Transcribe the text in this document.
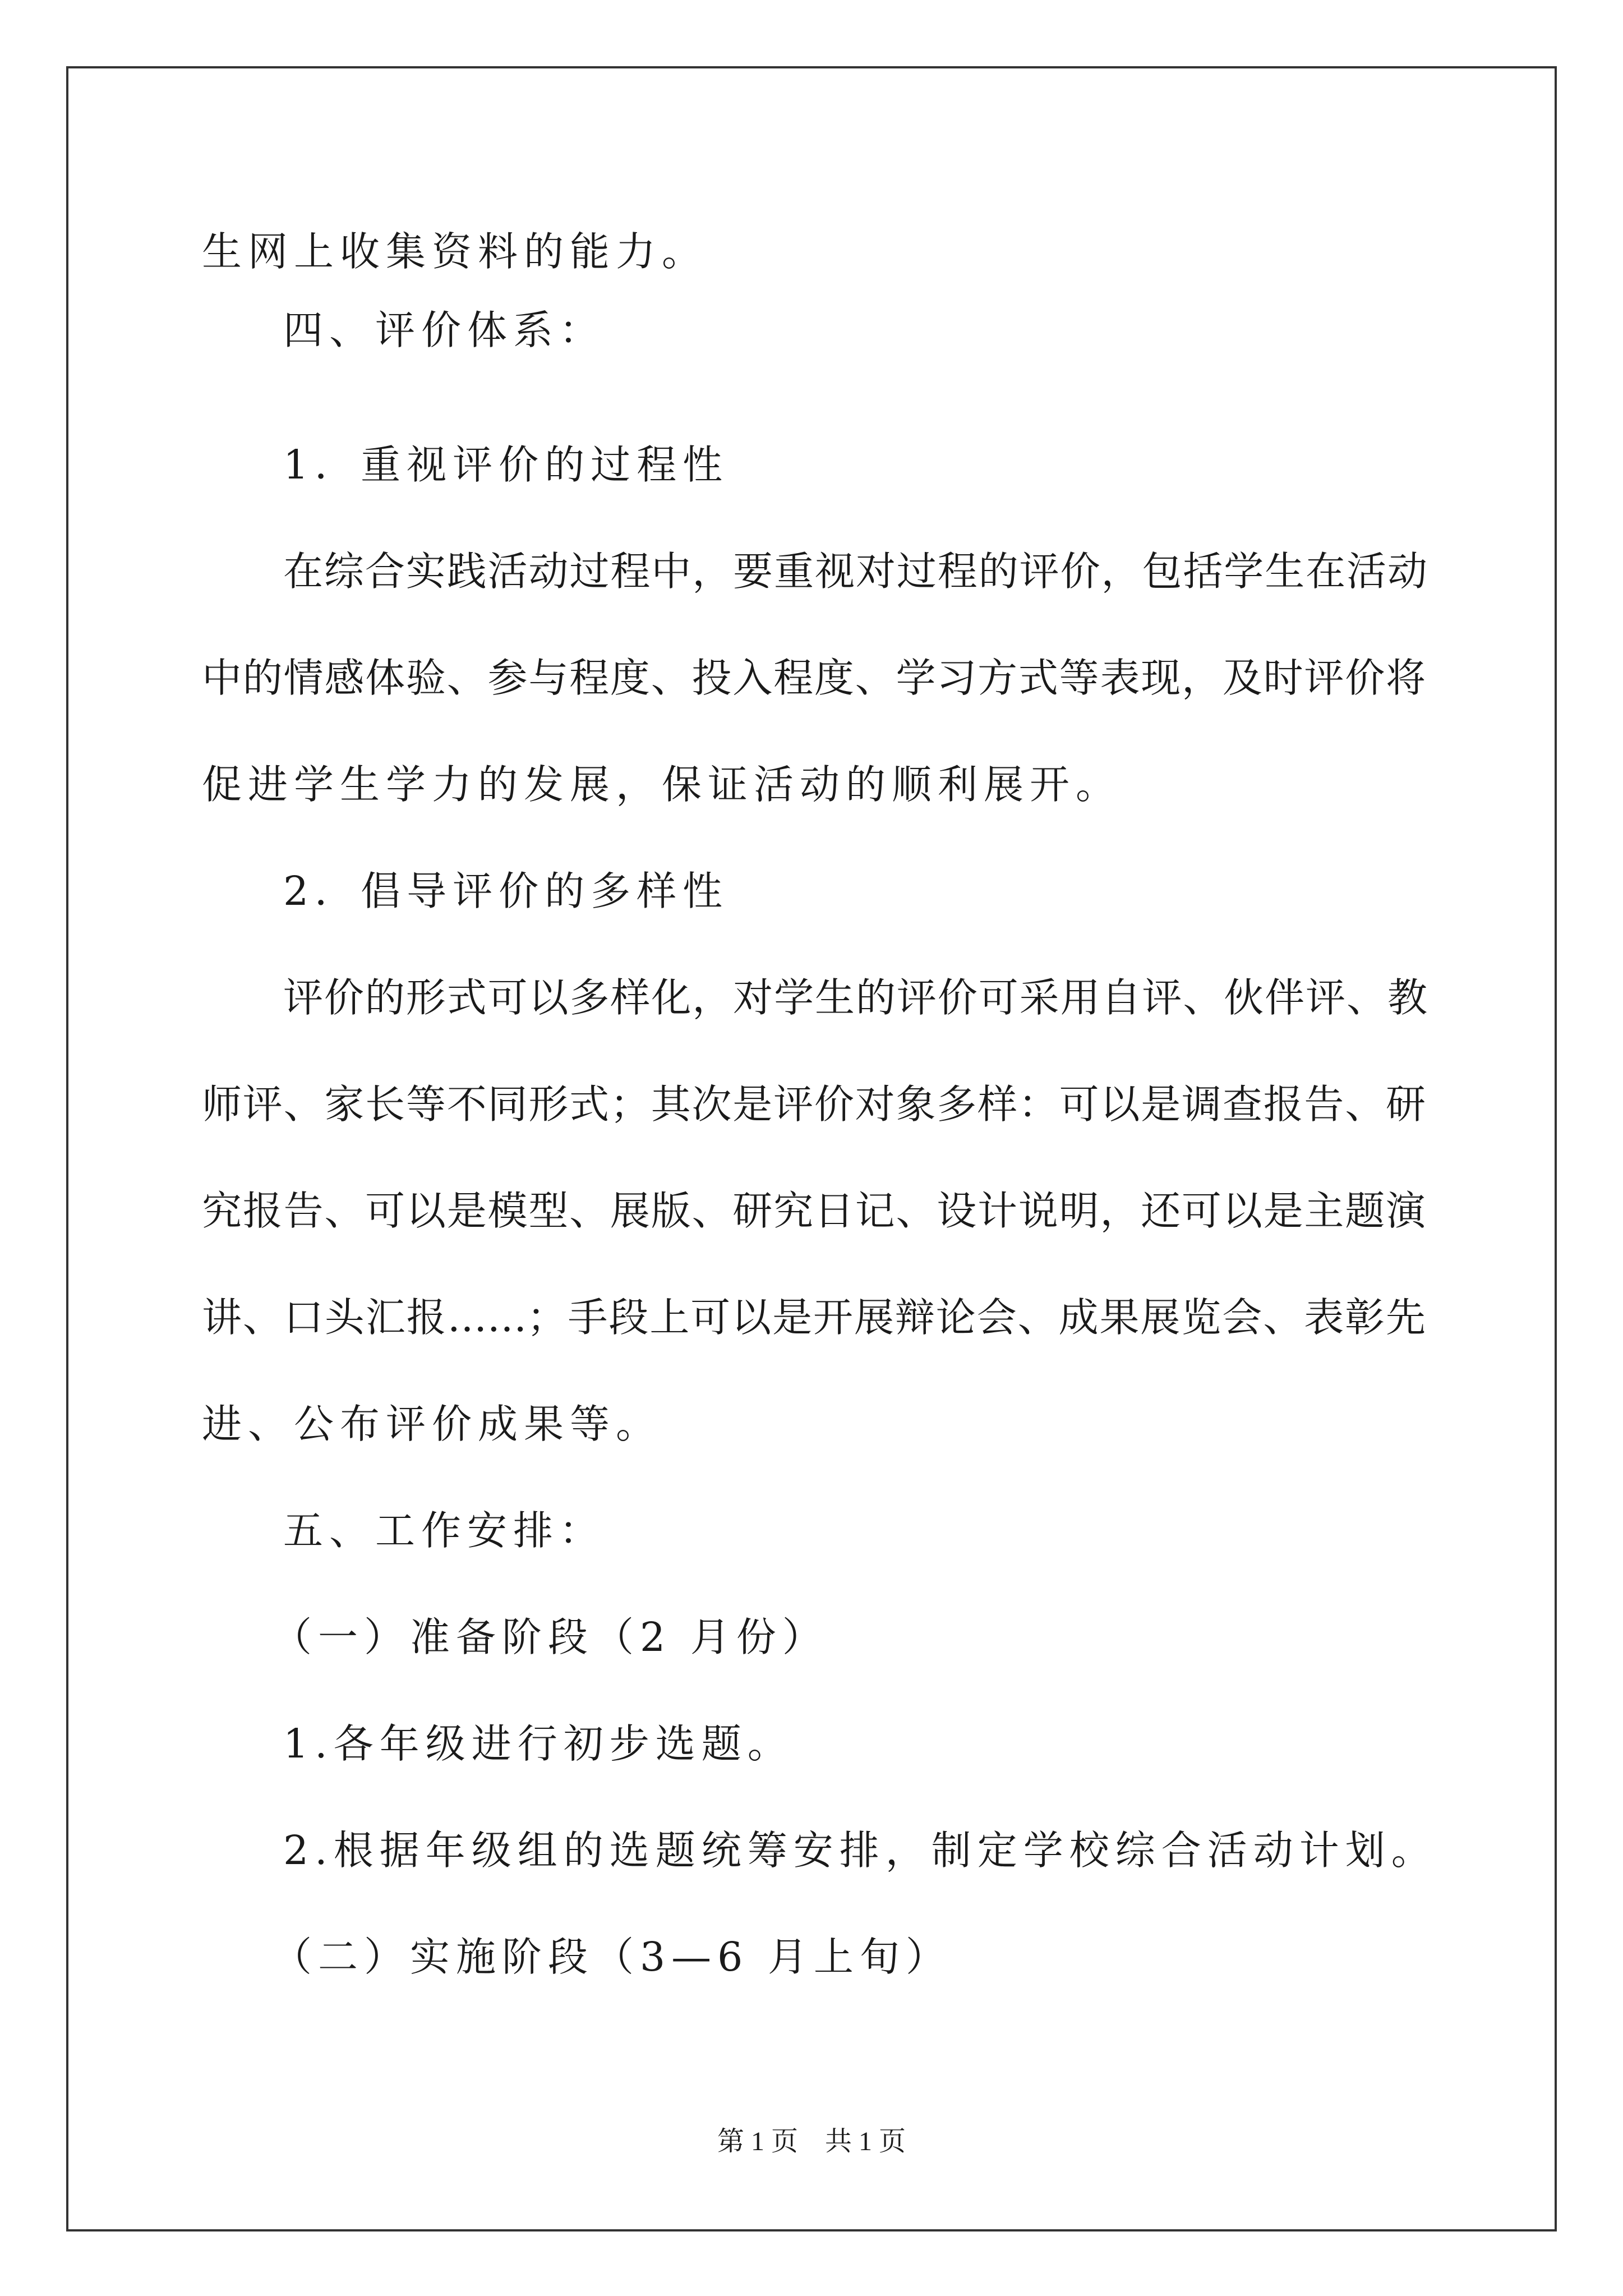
生网上收集资料的能力。
四、评价体系：
1．重视评价的过程性
在综合实践活动过程中，要重视对过程的评价，包括学生在活动
中的情感体验、参与程度、投入程度、学习方式等表现，及时评价将
促进学生学力的发展，保证活动的顺利展开。
2．倡导评价的多样性
评价的形式可以多样化，对学生的评价可采用自评、伙伴评、教
师评、家长等不同形式；其次是评价对象多样：可以是调查报告、研
究报告、可以是模型、展版、研究日记、设计说明，还可以是主题演
讲、口头汇报……；手段上可以是开展辩论会、成果展览会、表彰先
进、公布评价成果等。
五、工作安排：
（一）准备阶段（2 月份）
1.各年级进行初步选题。
2.根据年级组的选题统筹安排，制定学校综合活动计划。
（二）实施阶段（3—6 月上旬）
第 1 页　共 1 页
